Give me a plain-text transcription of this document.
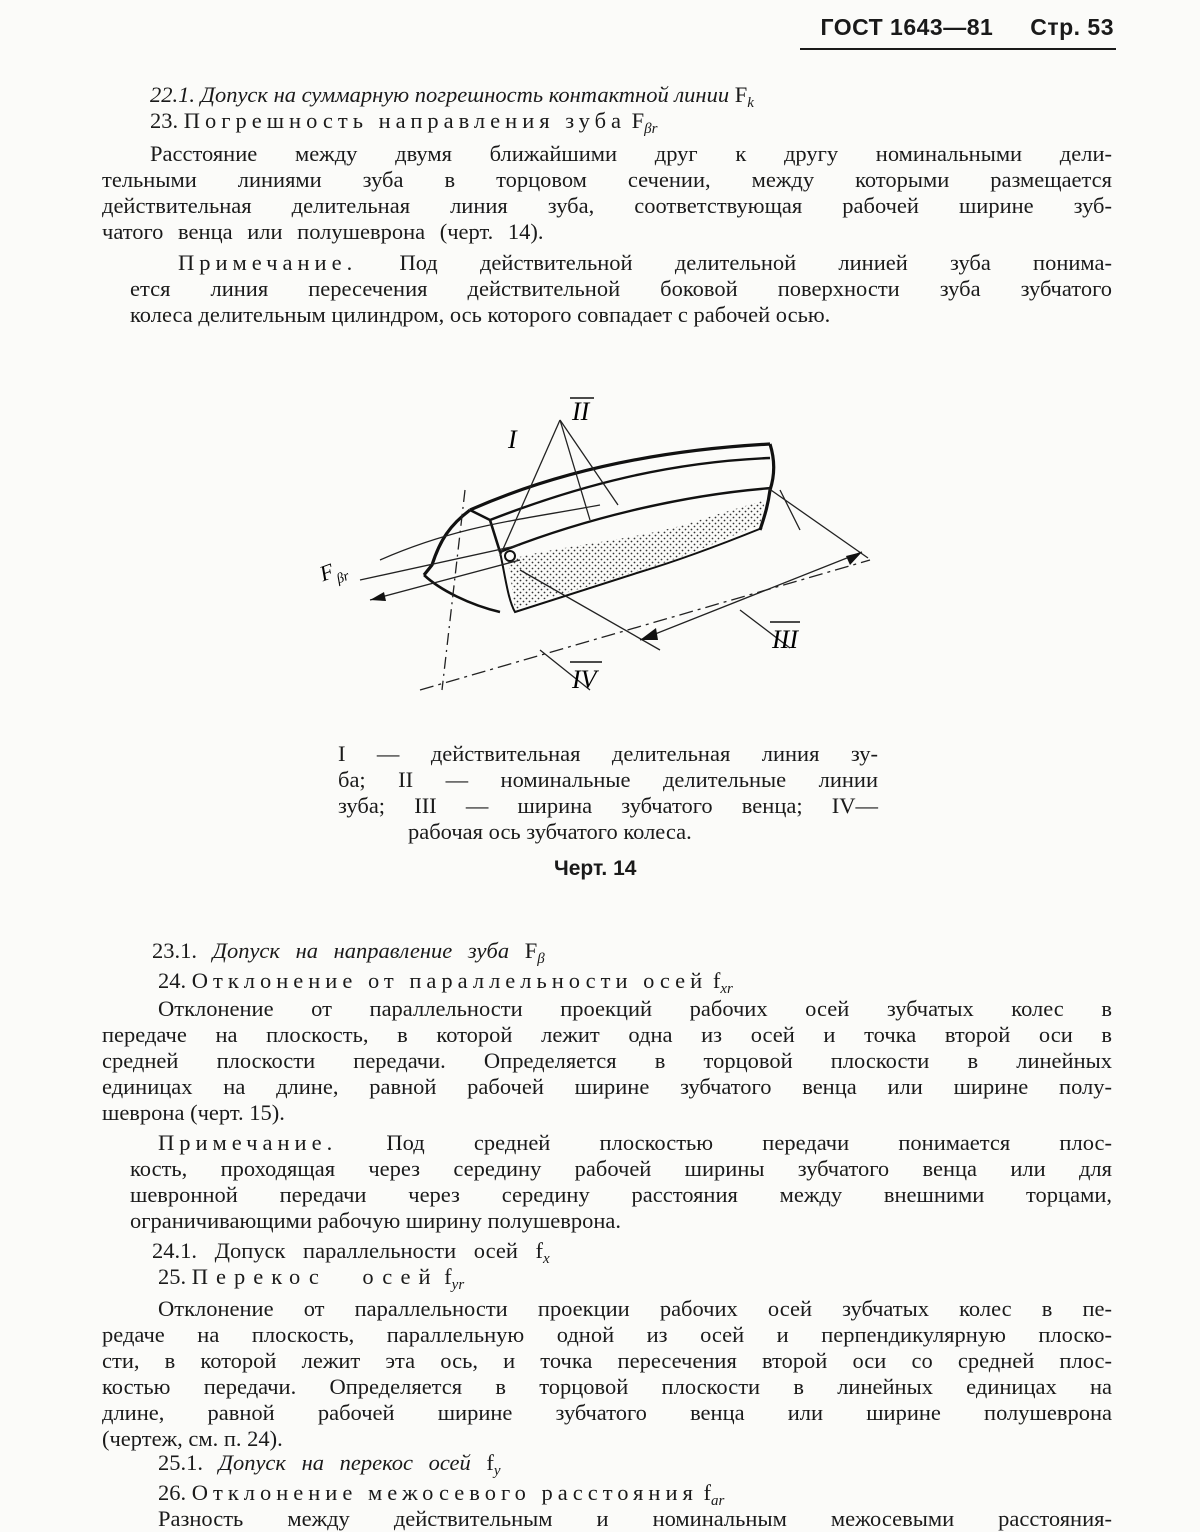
ГОСТ 1643—81 Стр. 53
22.1. Допуск на суммарную погрешность контактной линии $F_k$
23. Погрешность направления зуба $F_{\beta r}$
Расстояние между двумя ближайшими друг к другу номинальными дели-
тельными линиями зуба в торцовом сечении, между которыми размещается
действительная делительная линия зуба, соответствующая рабочей ширине зуб-
чатого венца или полушеврона (черт. 14).
Примечание. Под действительной делительной линией зуба понима-
ется линия пересечения действительной боковой поверхности зуба зубчатого
колеса делительным цилиндром, ось которого совпадает с рабочей осью.
I
II
III
IV
F
βr
I — действительная делительная линия зу-
ба; II — номинальные делительные линии
зуба; III — ширина зубчатого венца; IV—
рабочая ось зубчатого колеса.
Черт. 14
23.1. Допуск на направление зуба $F_\beta$
24. Отклонение от параллельности осей $f_{xr}$
Отклонение от параллельности проекций рабочих осей зубчатых колес в
передаче на плоскость, в которой лежит одна из осей и точка второй оси в
средней плоскости передачи. Определяется в торцовой плоскости в линейных
единицах на длине, равной рабочей ширине зубчатого венца или ширине полу-
шеврона (черт. 15).
Примечание. Под средней плоскостью передачи понимается плос-
кость, проходящая через середину рабочей ширины зубчатого венца или для
шевронной передачи через середину расстояния между внешними торцами,
ограничивающими рабочую ширину полушеврона.
24.1. Допуск параллельности осей $f_x$
25. Перекос осей $f_{yr}$
Отклонение от параллельности проекции рабочих осей зубчатых колес в пе-
редаче на плоскость, параллельную одной из осей и перпендикулярную плоско-
сти, в которой лежит эта ось, и точка пересечения второй оси со средней плос-
костью передачи. Определяется в торцовой плоскости в линейных единицах на
длине, равной рабочей ширине зубчатого венца или ширине полушеврона
(чертеж, см. п. 24).
25.1. Допуск на перекос осей $f_y$
26. Отклонение межосевого расстояния $f_{ar}$
Разность между действительным и номинальным межосевыми расстояния-
